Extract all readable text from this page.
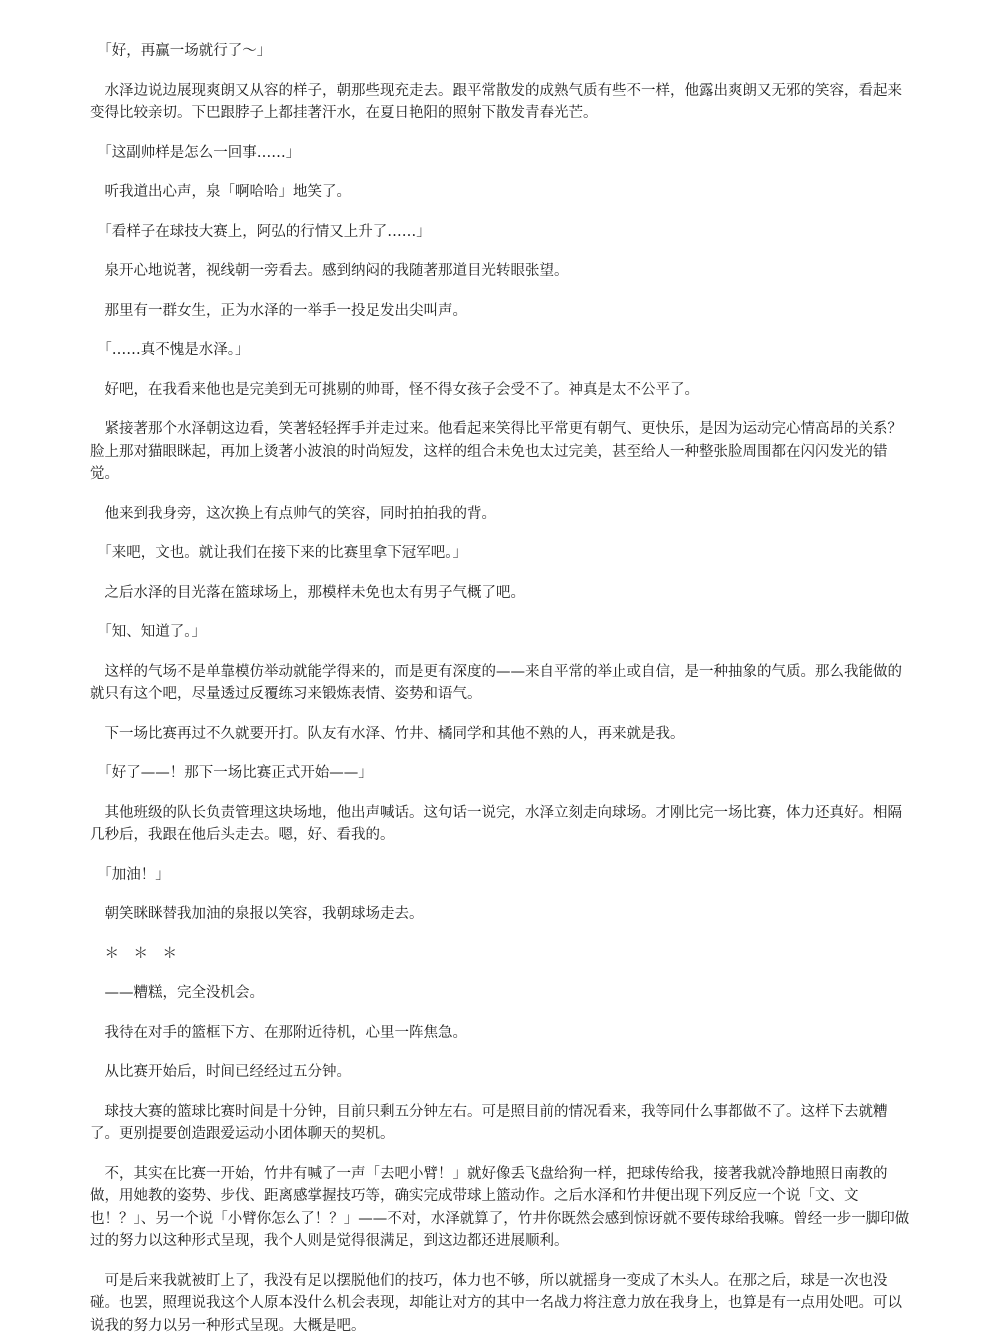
　「好，再赢一场就行了～」

　水泽边说边展现爽朗又从容的样子，朝那些现充走去。跟平常散发的成熟气质有些不一样，他露出爽朗又无邪的笑容，看起来变得比较亲切。下巴跟脖子上都挂著汗水，在夏日艳阳的照射下散发青春光芒。

　「这副帅样是怎么一回事……」

　听我道出心声，泉「啊哈哈」地笑了。

　「看样子在球技大赛上，阿弘的行情又上升了……」

　泉开心地说著，视线朝一旁看去。感到纳闷的我随著那道目光转眼张望。

　那里有一群女生，正为水泽的一举手一投足发出尖叫声。

　「……真不愧是水泽。」

　好吧，在我看来他也是完美到无可挑剔的帅哥，怪不得女孩子会受不了。神真是太不公平了。

　紧接著那个水泽朝这边看，笑著轻轻挥手并走过来。他看起来笑得比平常更有朝气、更快乐，是因为运动完心情高昂的关系？脸上那对猫眼眯起，再加上烫著小波浪的时尚短发，这样的组合未免也太过完美，甚至给人一种整张脸周围都在闪闪发光的错觉。

　他来到我身旁，这次换上有点帅气的笑容，同时拍拍我的背。

　「来吧，文也。就让我们在接下来的比赛里拿下冠军吧。」

　之后水泽的目光落在篮球场上，那模样未免也太有男子气概了吧。

　「知、知道了。」

　这样的气场不是单靠模仿举动就能学得来的，而是更有深度的——来自平常的举止或自信，是一种抽象的气质。那么我能做的就只有这个吧，尽量透过反覆练习来锻炼表情、姿势和语气。

　下一场比赛再过不久就要开打。队友有水泽、竹井、橘同学和其他不熟的人，再来就是我。

　「好了——！那下一场比赛正式开始——」

　其他班级的队长负责管理这块场地，他出声喊话。这句话一说完，水泽立刻走向球场。才刚比完一场比赛，体力还真好。相隔几秒后，我跟在他后头走去。嗯，好、看我的。

　「加油！」

　朝笑眯眯替我加油的泉报以笑容，我朝球场走去。

　＊　＊　＊

　——糟糕，完全没机会。

　我待在对手的篮框下方、在那附近待机，心里一阵焦急。

　从比赛开始后，时间已经经过五分钟。

　球技大赛的篮球比赛时间是十分钟，目前只剩五分钟左右。可是照目前的情况看来，我等同什么事都做不了。这样下去就糟了。更别提要创造跟爱运动小团体聊天的契机。

　不，其实在比赛一开始，竹井有喊了一声「去吧小臂！」就好像丢飞盘给狗一样，把球传给我，接著我就冷静地照日南教的做，用她教的姿势、步伐、距离感掌握技巧等，确实完成带球上篮动作。之后水泽和竹井便出现下列反应一个说「文、文也！？」、另一个说「小臂你怎么了！？」——不对，水泽就算了，竹井你既然会感到惊讶就不要传球给我嘛。曾经一步一脚印做过的努力以这种形式呈现，我个人则是觉得很满足，到这边都还进展顺利。

　可是后来我就被盯上了，我没有足以摆脱他们的技巧，体力也不够，所以就摇身一变成了木头人。在那之后，球是一次也没碰。也罢，照理说我这个人原本没什么机会表现，却能让对方的其中一名战力将注意力放在我身上，也算是有一点用处吧。可以说我的努力以另一种形式呈现。大概是吧。
